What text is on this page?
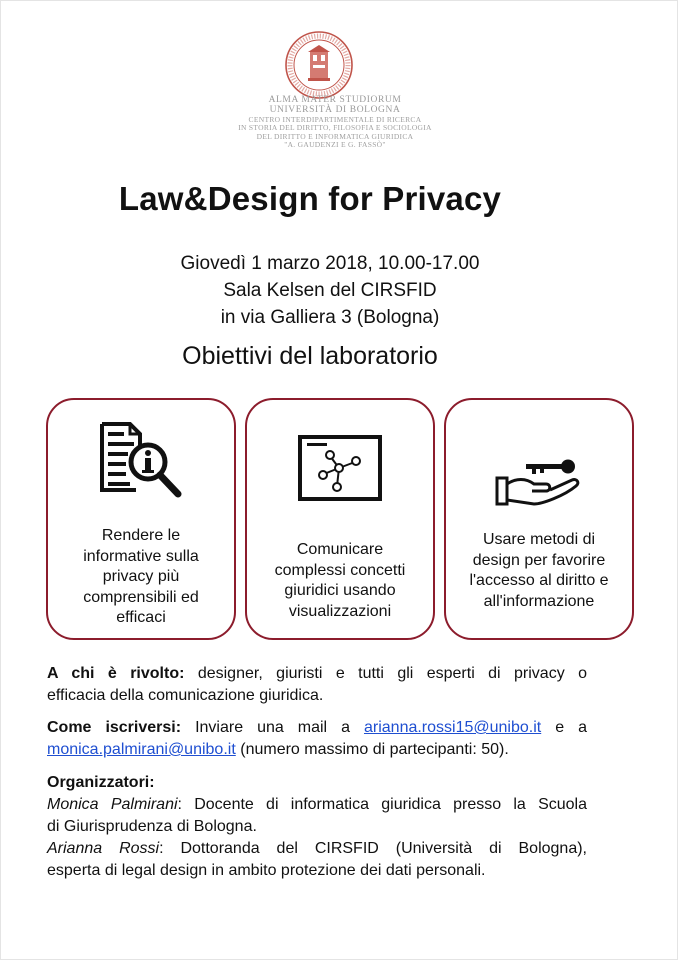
ALMA MATER STUDIORUM
UNIVERSITÀ DI BOLOGNA
CENTRO INTERDIPARTIMENTALE DI RICERCA
IN STORIA DEL DIRITTO, FILOSOFIA E SOCIOLOGIA
DEL DIRITTO E INFORMATICA GIURIDICA
"A. GAUDENZI E G. FASSÒ"
Law&Design for Privacy
Giovedì 1 marzo 2018, 10.00-17.00
Sala Kelsen del CIRSFID
in via Galliera 3 (Bologna)
Obiettivi del laboratorio
Rendere le
informative sulla
privacy più
comprensibili ed
efficaci
Comunicare
complessi concetti
giuridici usando
visualizzazioni
Usare metodi di
design per favorire
l'accesso al diritto e
all'informazione
A chi è rivolto: designer, giuristi e tutti gli esperti di privacy o
efficacia della comunicazione giuridica.
Come iscriversi: Inviare una mail a arianna.rossi15@unibo.it e a
monica.palmirani@unibo.it (numero massimo di partecipanti: 50).
Organizzatori:
Monica Palmirani: Docente di informatica giuridica presso la Scuola
di Giurisprudenza di Bologna.
Arianna Rossi: Dottoranda del CIRSFID (Università di Bologna),
esperta di legal design in ambito protezione dei dati personali.
